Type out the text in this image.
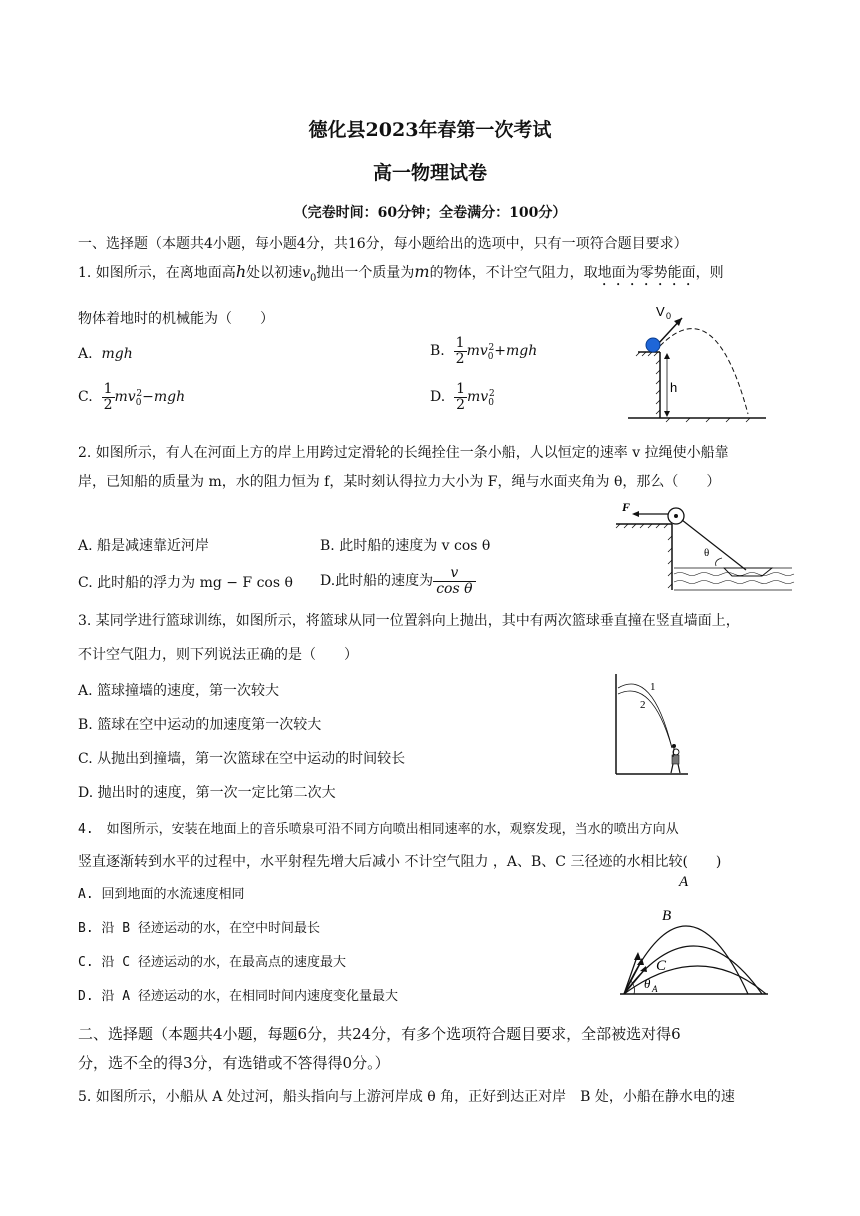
德化县2023年春第一次考试
高一物理试卷
（完卷时间：60分钟；全卷满分：100分）
一、选择题（本题共4小题，每小题4分，共16分，每小题给出的选项中，只有一项符合题目要求）
1. 如图所示，在离地面高h处以初速$v_0$抛出一个质量为m的物体，不计空气阻力，取地面为零势能面，则
物体着地时的机械能为（　　）
A. mgh	B. $\frac{1}{2} mv_0^2+mgh$
C. $\frac{1}{2} mv_0^2-mgh$	D. $\frac{1}{2} mv_0^2$	h
V 0
2. 如图所示，有人在河面上方的岸上用跨过定滑轮的长绳拴住一条小船，人以恒定的速率 v 拉绳使小船靠
岸，已知船的质量为 m，水的阻力恒为 f，某时刻认得拉力大小为 F，绳与水面夹角为 θ，那么（　　）
A. 船是减速靠近河岸	B. 此时船的速度为 v cos θ
C. 此时船的浮力为 mg − F cos θ D.此时船的速度为 $\frac{v}{\text{cos θ}}$
F
θ
3. 某同学进行篮球训练，如图所示，将篮球从同一位置斜向上抛出，其中有两次篮球垂直撞在竖直墙面上，
不计空气阻力，则下列说法正确的是（　　）
A. 篮球撞墙的速度，第一次较大
B. 篮球在空中运动的加速度第一次较大
C. 从抛出到撞墙，第一次篮球在空中运动的时间较长
D. 抛出时的速度，第一次一定比第二次大
1
2
4.　如图所示，安装在地面上的音乐喷泉可沿不同方向喷出相同速率的水，观察发现，当水的喷出方向从
竖直逐渐转到水平的过程中，水平射程先增大后减小 不计空气阻力 ，A、B、C 三径迹的水相比较(　　)
A. 回到地面的水流速度相同
B. 沿 B 径迹运动的水，在空中时间最长
C. 沿 C 径迹运动的水，在最高点的速度最大
D. 沿 A 径迹运动的水，在相同时间内速度变化量最大
A
B
C
θ A
二、选择题（本题共4小题，每题6分，共24分，有多个选项符合题目要求，全部被选对得6
分，选不全的得3分，有选错或不答得得0分。）
5. 如图所示，小船从 A 处过河，船头指向与上游河岸成 θ 角，正好到达正对岸　B 处，小船在静水电的速
